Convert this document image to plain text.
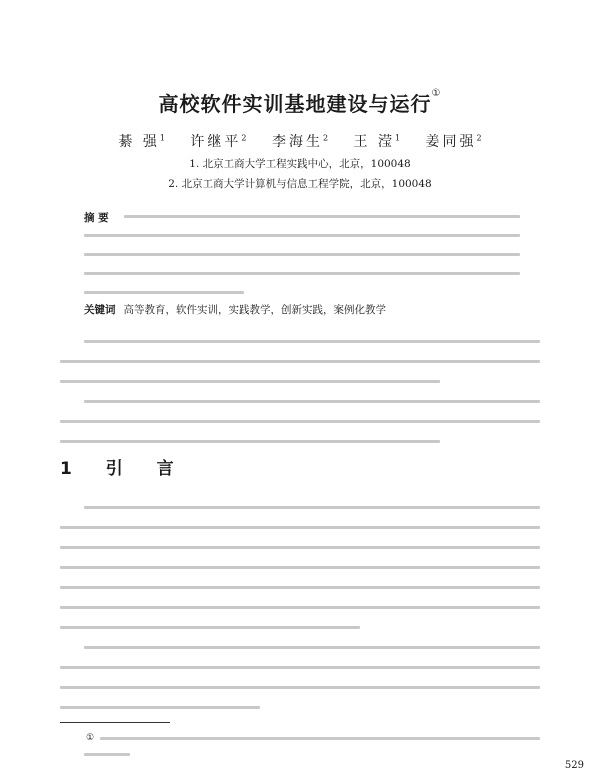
高校软件实训基地建设与运行①
綦 强$^1$ 许继平$^2$ 李海生$^2$ 王 滢$^1$ 姜同强$^2$
1. 北京工商大学工程实践中心，北京，100048
2. 北京工商大学计算机与信息工程学院，北京，100048
摘 要
关键词 高等教育，软件实训，实践教学，创新实践，案例化教学
1 引 言
①
529
